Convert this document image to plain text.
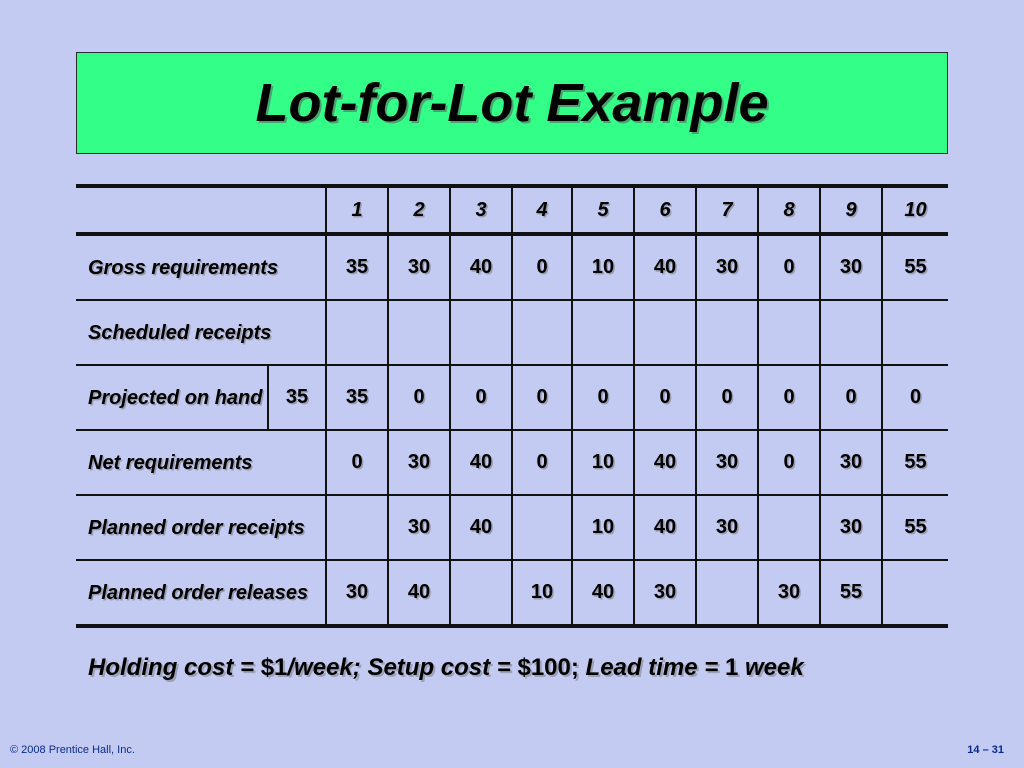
Lot-for-Lot Example
		1	2	3	4	5	6	7	8	9	10
Gross requirements		35	30	40	0	10	40	30	0	30	55
Scheduled receipts											
Projected on hand	35	35	0	0	0	0	0	0	0	0	0
Net requirements		0	30	40	0	10	40	30	0	30	55
Planned order receipts			30	40		10	40	30		30	55
Planned order releases		30	40		10	40	30		30	55	
Holding cost = $1/week; Setup cost = $100; Lead time = 1 week
© 2008 Prentice Hall, Inc.	14 – 31
